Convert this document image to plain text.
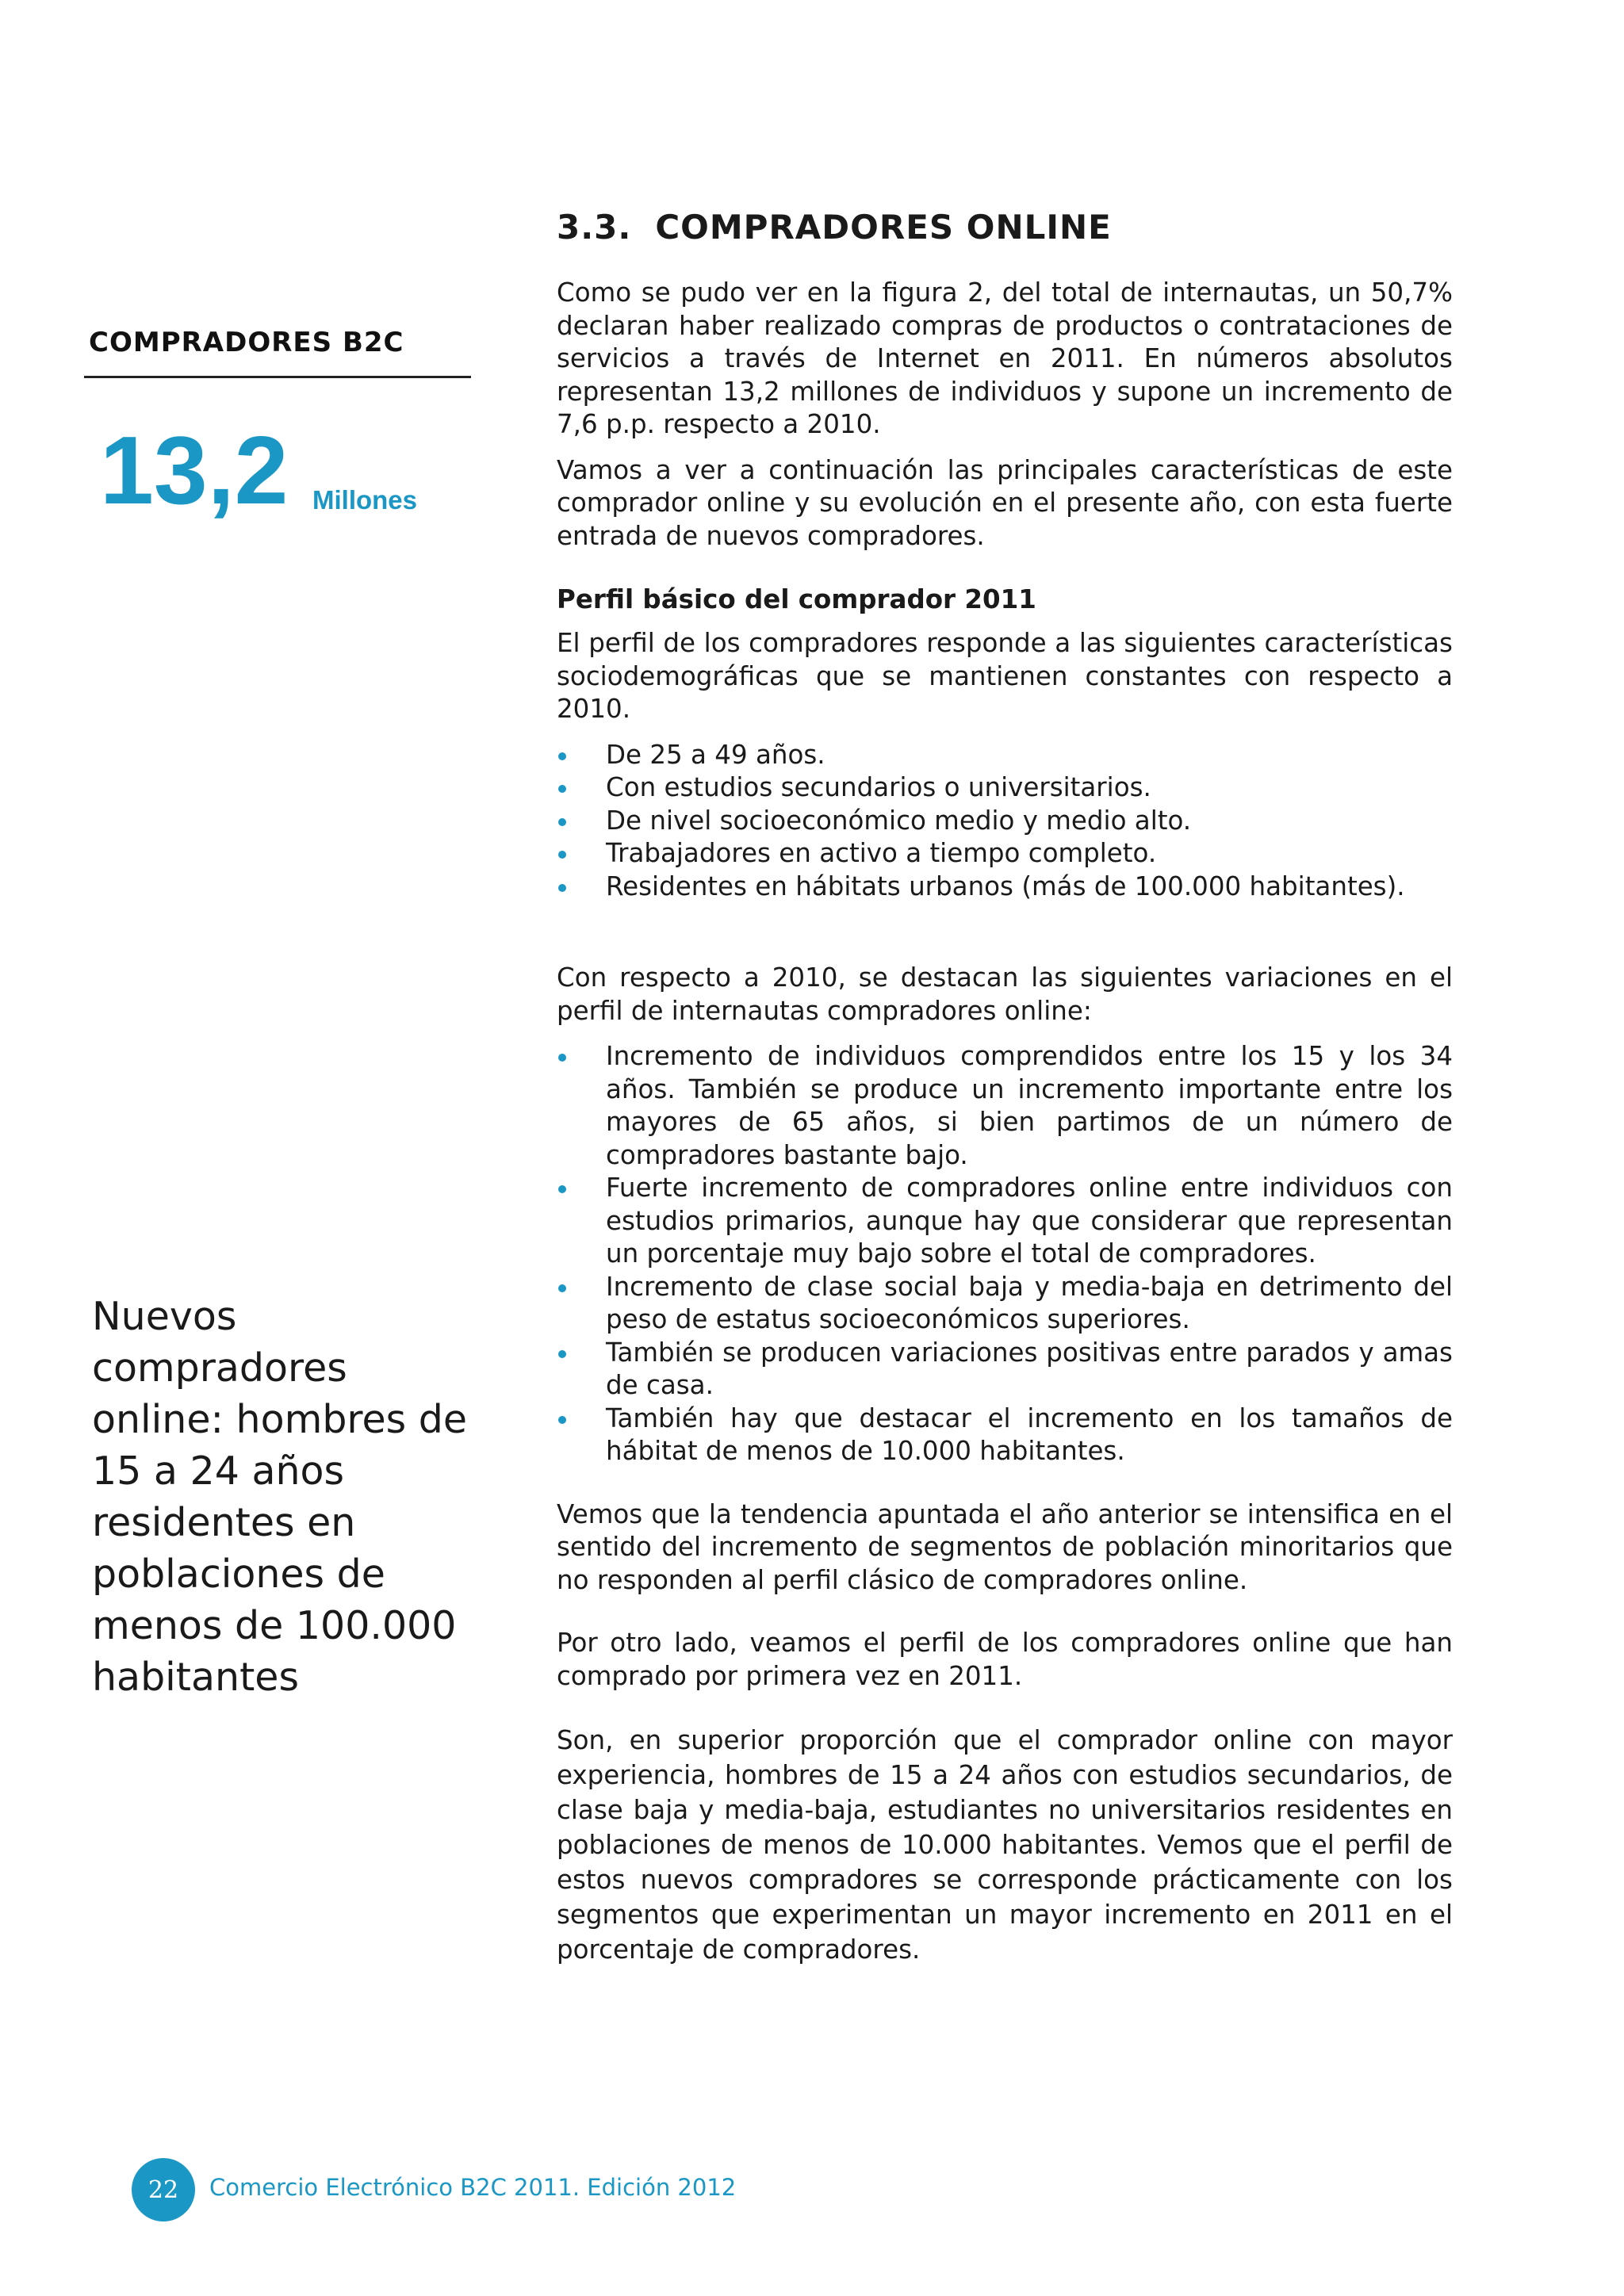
COMPRADORES B2C
13,2 Millones
Nuevos compradores online: hombres de 15 a 24 años residentes en poblaciones de menos de 100.000 habitantes
3.3. COMPRADORES ONLINE

Como se pudo ver en la figura 2, del total de internautas, un 50,7% declaran haber realizado compras de productos o contrataciones de servicios a través de Internet en 2011. En números absolutos representan 13,2 millones de individuos y supone un incremento de 7,6 p.p. respecto a 2010.

Vamos a ver a continuación las principales características de este comprador online y su evolución en el presente año, con esta fuerte entrada de nuevos compradores.

Perfil básico del comprador 2011

El perfil de los compradores responde a las siguientes características sociodemográficas que se mantienen constantes con respecto a 2010.

De 25 a 49 años.
Con estudios secundarios o universitarios.
De nivel socioeconómico medio y medio alto.
Trabajadores en activo a tiempo completo.
Residentes en hábitats urbanos (más de 100.000 habitantes).

Con respecto a 2010, se destacan las siguientes variaciones en el perfil de internautas compradores online:

Incremento de individuos comprendidos entre los 15 y los 34 años. También se produce un incremento importante entre los mayores de 65 años, si bien partimos de un número de compradores bastante bajo.
Fuerte incremento de compradores online entre individuos con estudios primarios, aunque hay que considerar que representan un porcentaje muy bajo sobre el total de compradores.
Incremento de clase social baja y media-baja en detrimento del peso de estatus socioeconómicos superiores.
También se producen variaciones positivas entre parados y amas de casa.
También hay que destacar el incremento en los tamaños de hábitat de menos de 10.000 habitantes.

Vemos que la tendencia apuntada el año anterior se intensifica en el sentido del incremento de segmentos de población minoritarios que no responden al perfil clásico de compradores online.

Por otro lado, veamos el perfil de los compradores online que han comprado por primera vez en 2011.

Son, en superior proporción que el comprador online con mayor experiencia, hombres de 15 a 24 años con estudios secundarios, de clase baja y media-baja, estudiantes no universitarios residentes en poblaciones de menos de 10.000 habitantes. Vemos que el perfil de estos nuevos compradores se corresponde prácticamente con los segmentos que experimentan un mayor incremento en 2011 en el porcentaje de compradores.

22	Comercio Electrónico B2C 2011. Edición 2012
